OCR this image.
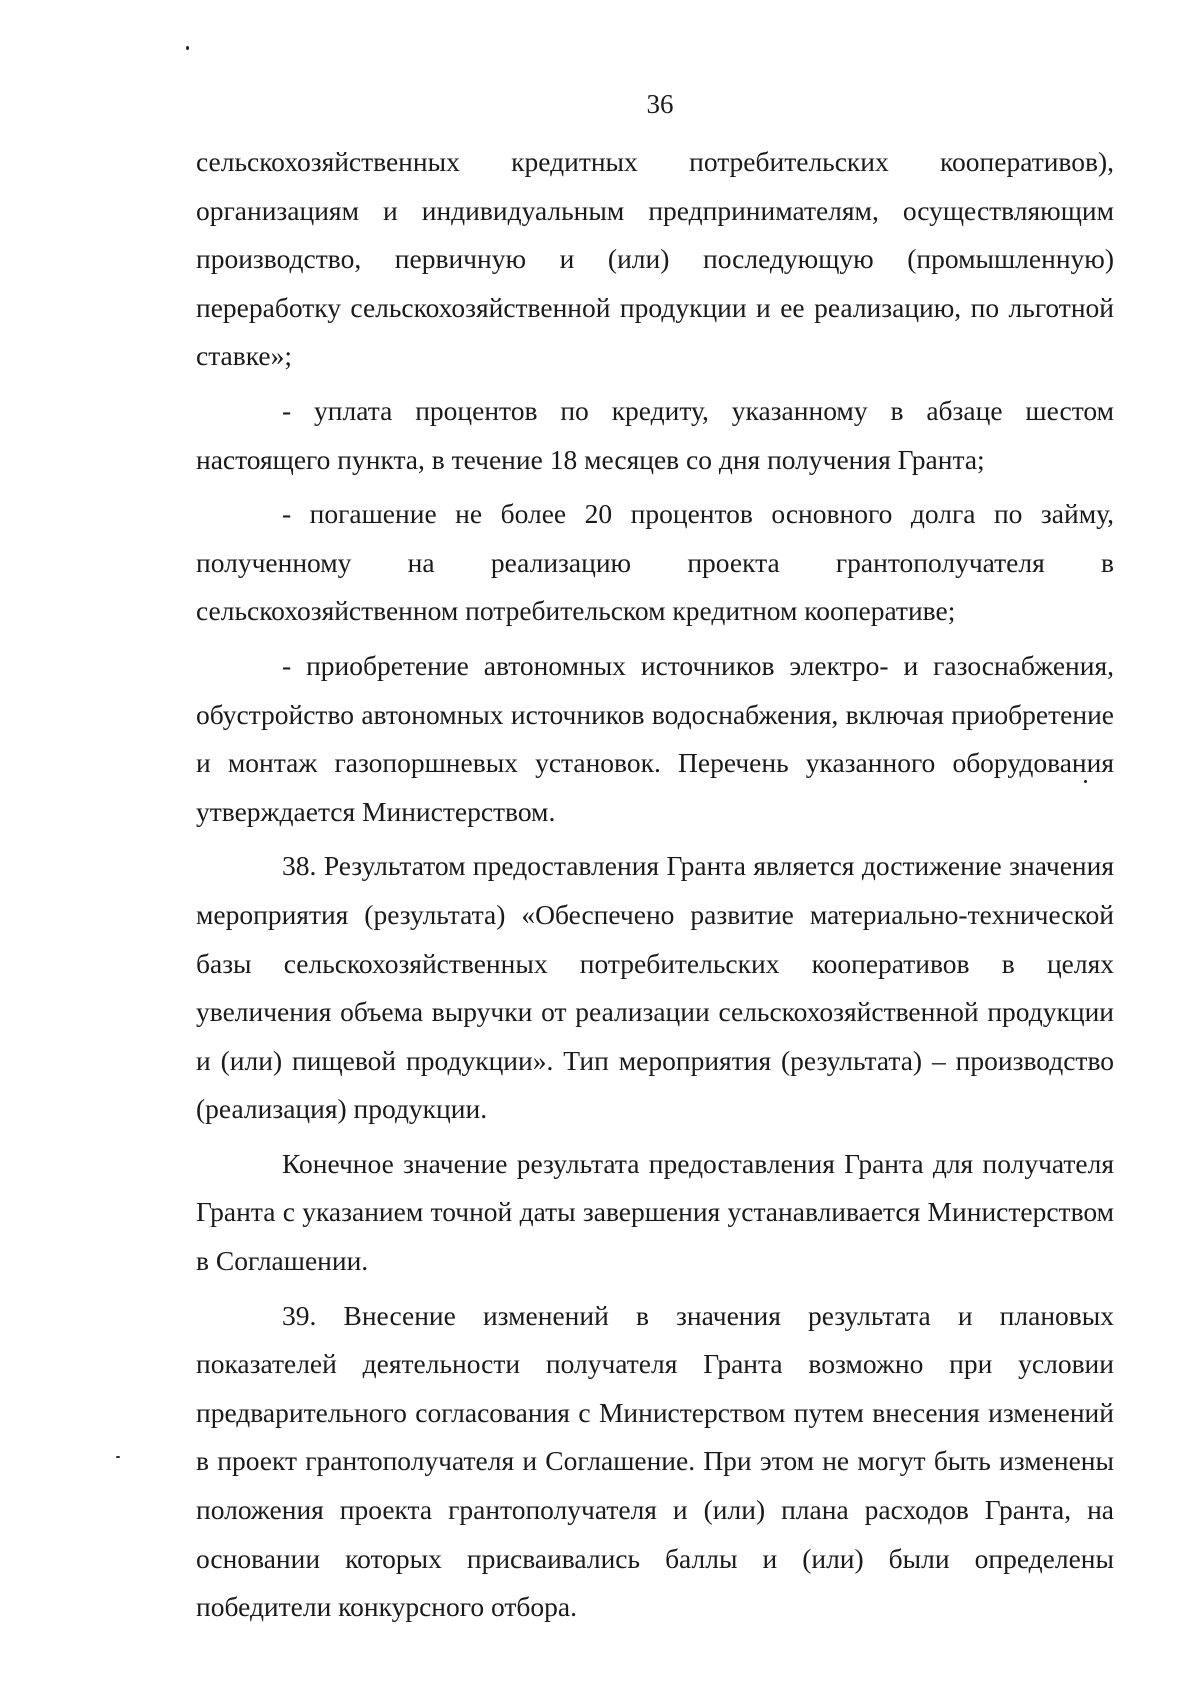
36

сельскохозяйственных кредитных потребительских кооперативов), организациям и индивидуальным предпринимателям, осуществляющим производство, первичную и (или) последующую (промышленную) переработку сельскохозяйственной продукции и ее реализацию, по льготной ставке»;

- уплата процентов по кредиту, указанному в абзаце шестом настоящего пункта, в течение 18 месяцев со дня получения Гранта;

- погашение не более 20 процентов основного долга по займу, полученному на реализацию проекта грантополучателя в сельскохозяйственном потребительском кредитном кооперативе;

- приобретение автономных источников электро- и газоснабжения, обустройство автономных источников водоснабжения, включая приобретение и монтаж газопоршневых установок. Перечень указанного оборудования утверждается Министерством.

38. Результатом предоставления Гранта является достижение значения мероприятия (результата) «Обеспечено развитие материально-технической базы сельскохозяйственных потребительских кооперативов в целях увеличения объема выручки от реализации сельскохозяйственной продукции и (или) пищевой продукции». Тип мероприятия (результата) – производство (реализация) продукции.

Конечное значение результата предоставления Гранта для получателя Гранта с указанием точной даты завершения устанавливается Министерством в Соглашении.

39. Внесение изменений в значения результата и плановых показателей деятельности получателя Гранта возможно при условии предварительного согласования с Министерством путем внесения изменений в проект грантополучателя и Соглашение. При этом не могут быть изменены положения проекта грантополучателя и (или) плана расходов Гранта, на основании которых присваивались баллы и (или) были определены победители конкурсного отбора.
